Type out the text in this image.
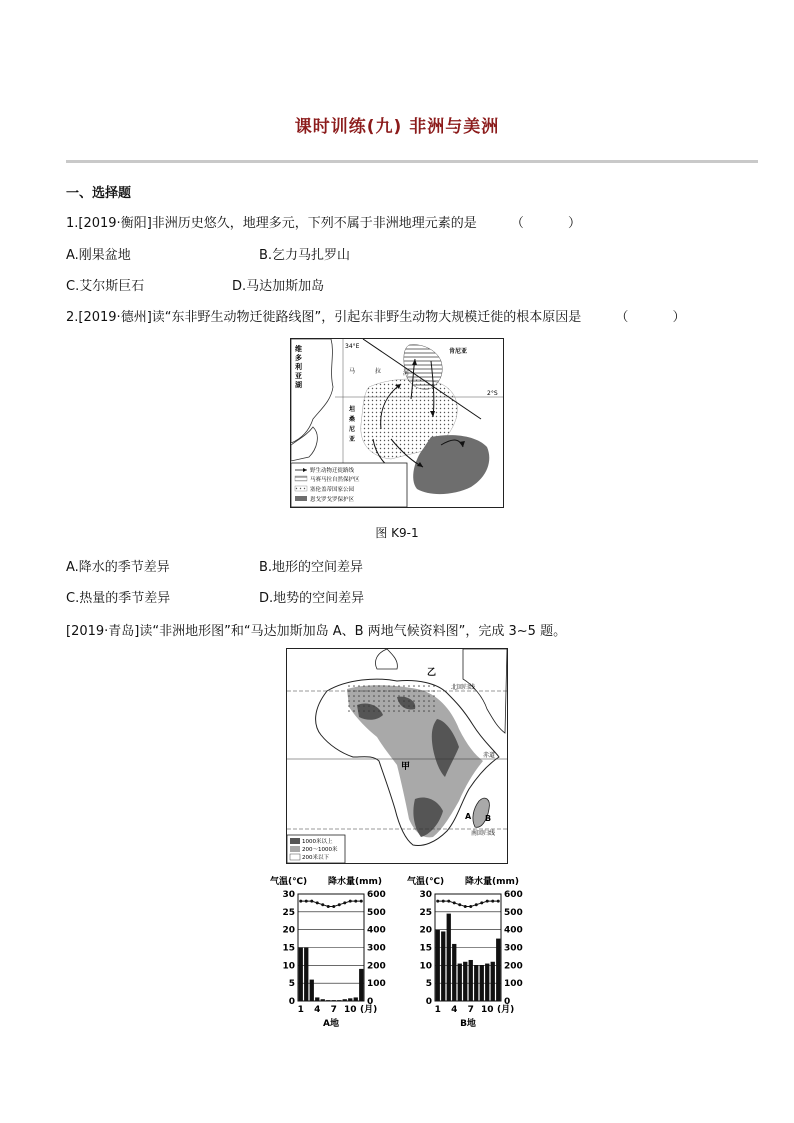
课时训练(九) 非洲与美洲
一、选择题
1.[2019·衡阳]非洲历史悠久，地理多元，下列不属于非洲地理元素的是	（ ）
A.刚果盆地	B.乞力马扎罗山
C.艾尔斯巨石	D.马达加斯加岛
2.[2019·德州]读“东非野生动物迁徙路线图”，引起东非野生动物大规模迁徙的根本原因是	（ ）
维
多
利
亚
湖
34°E
2°S
肯尼亚
坦
桑
尼
亚
马	拉	河
野生动物迁徙路线
马赛马拉自然保护区
塞伦盖蒂国家公园
恩戈罗戈罗保护区
图 K9-1
A.降水的季节差异	B.地形的空间差异
C.热量的季节差异	D.地势的空间差异
[2019·青岛]读“非洲地形图”和“马达加斯加岛 A、B 两地气候资料图”，完成 3~5 题。
北回归线
赤道
南回归线
乙
甲
A B
1000米以上
200～1000米
200米以下
气温(℃) 降水量(mm)
0
5
10
15
20
25
30
0
100
200
300
400
500
600
1 4 7 10 (月)
A地
气温(℃) 降水量(mm)
0
5
10
15
20
25
30
0
100
200
300
400
500
600
1 4 7 10 (月)
B地
